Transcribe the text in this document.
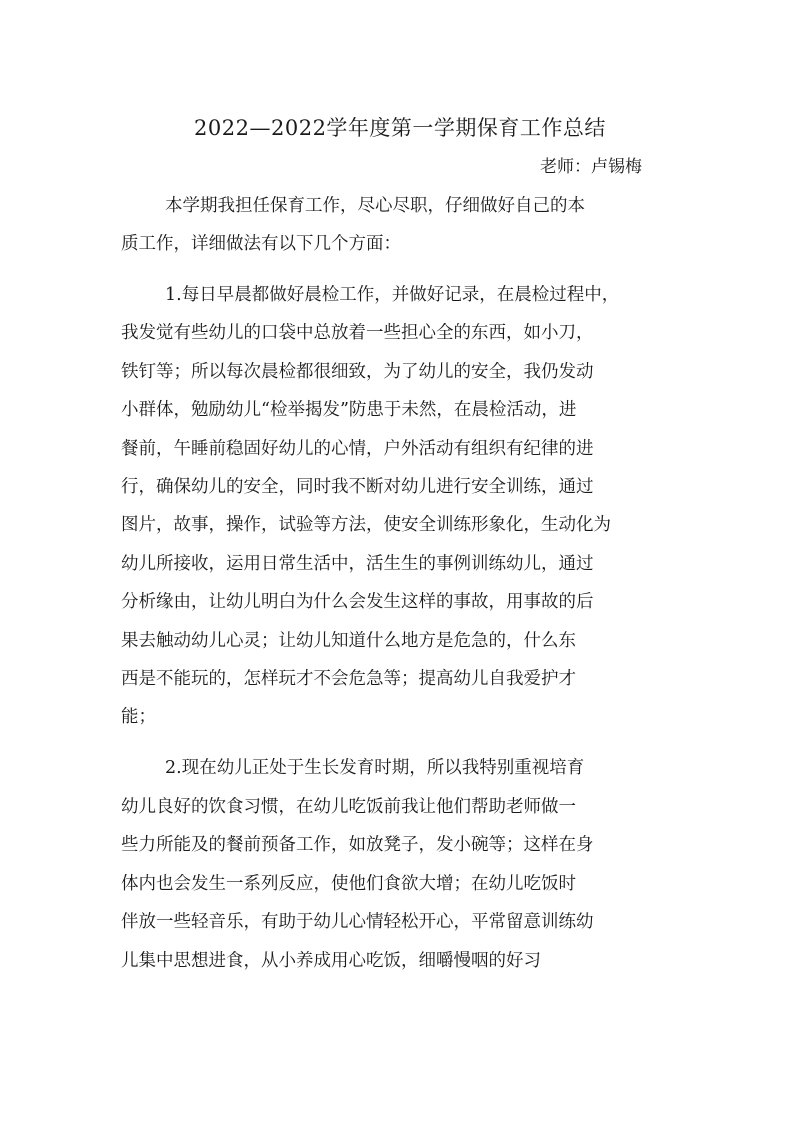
2022—2022学年度第一学期保育工作总结
老师：卢锡梅
本学期我担任保育工作，尽心尽职，仔细做好自己的本
质工作，详细做法有以下几个方面：
1.每日早晨都做好晨检工作，并做好记录，在晨检过程中，
我发觉有些幼儿的口袋中总放着一些担心全的东西，如小刀，
铁钉等；所以每次晨检都很细致，为了幼儿的安全，我仍发动
小群体，勉励幼儿“检举揭发”防患于未然，在晨检活动，进
餐前，午睡前稳固好幼儿的心情，户外活动有组织有纪律的进
行，确保幼儿的安全，同时我不断对幼儿进行安全训练，通过
图片，故事，操作，试验等方法，使安全训练形象化，生动化为
幼儿所接收，运用日常生活中，活生生的事例训练幼儿，通过
分析缘由，让幼儿明白为什么会发生这样的事故，用事故的后
果去触动幼儿心灵；让幼儿知道什么地方是危急的，什么东
西是不能玩的，怎样玩才不会危急等；提高幼儿自我爱护才
能；
2.现在幼儿正处于生长发育时期，所以我特别重视培育
幼儿良好的饮食习惯，在幼儿吃饭前我让他们帮助老师做一
些力所能及的餐前预备工作，如放凳子，发小碗等；这样在身
体内也会发生一系列反应，使他们食欲大增；在幼儿吃饭时
伴放一些轻音乐，有助于幼儿心情轻松开心，平常留意训练幼
儿集中思想进食，从小养成用心吃饭，细嚼慢咽的好习
